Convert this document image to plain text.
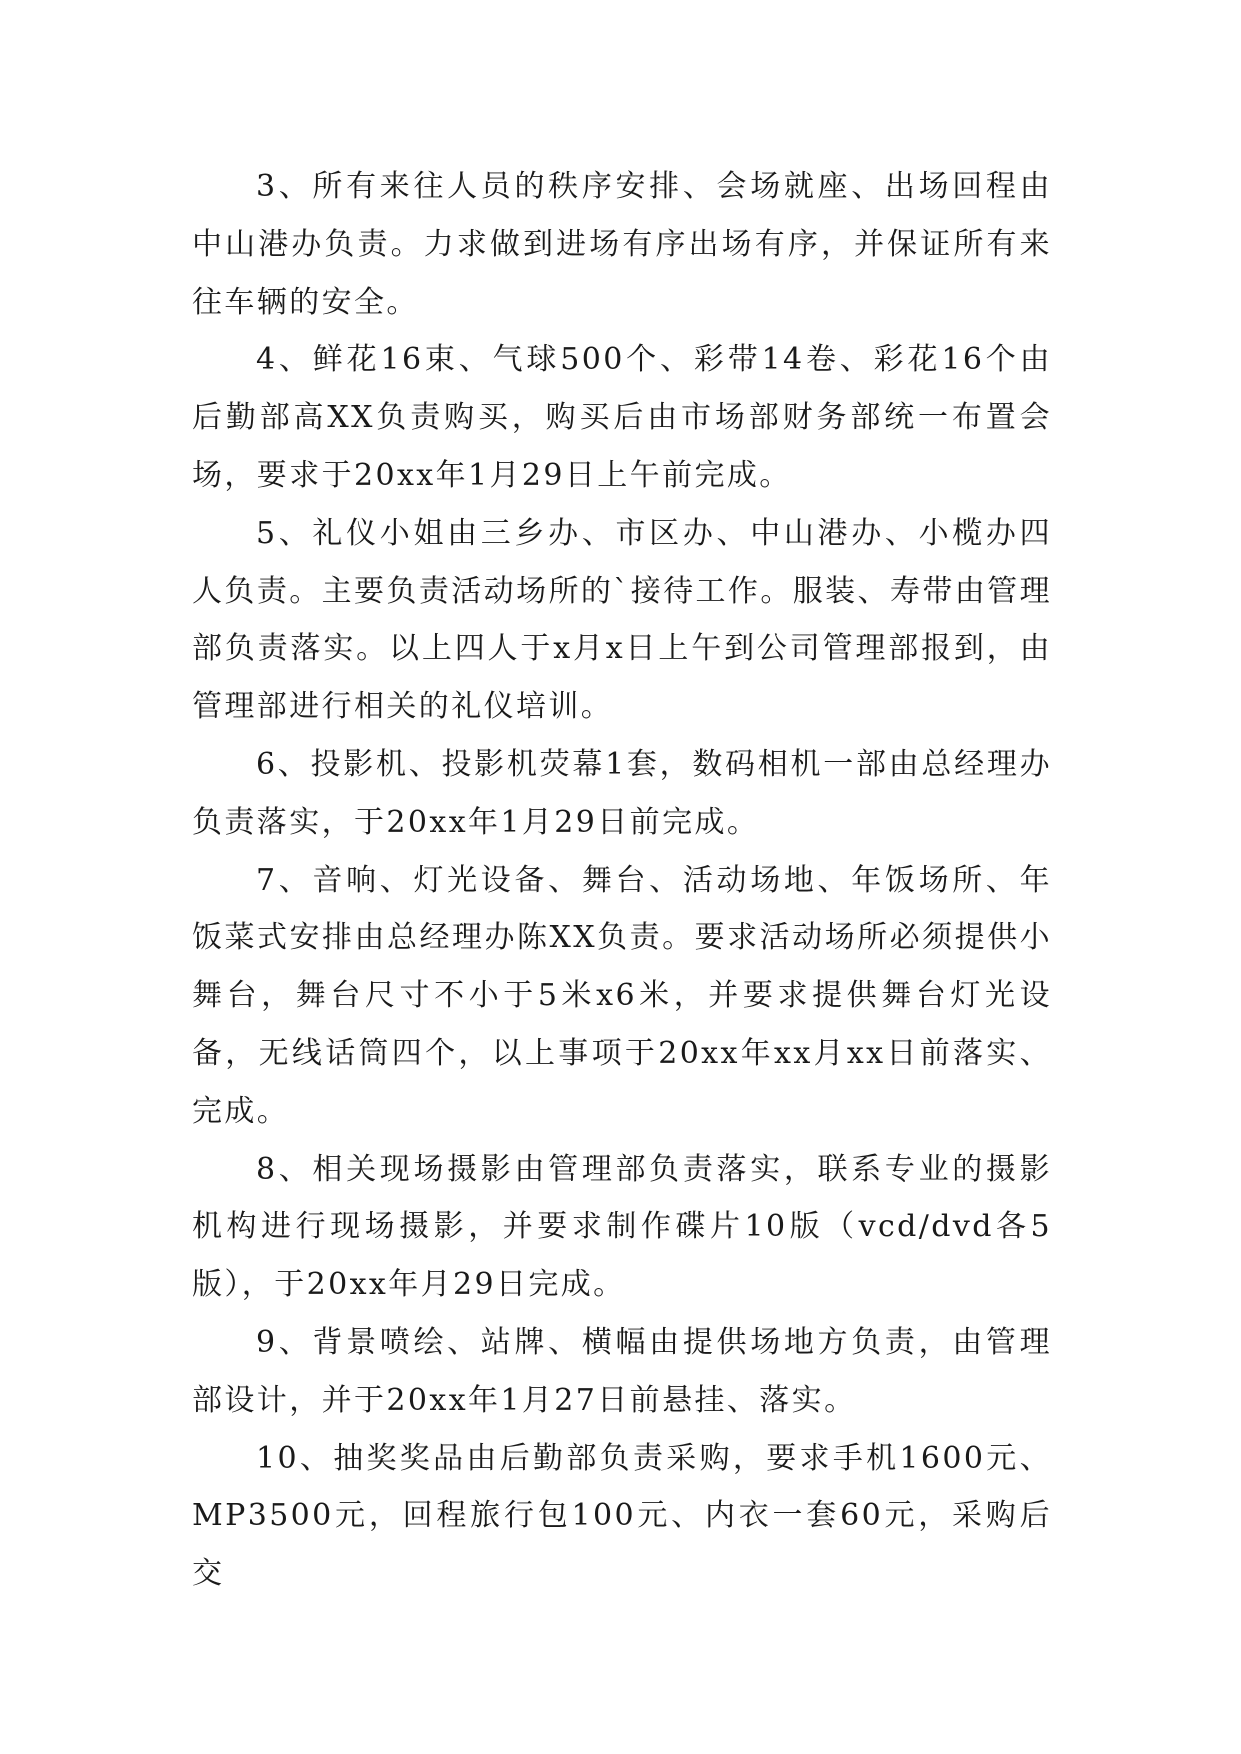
3、所有来往人员的秩序安排、会场就座、出场回程由中山港办负责。力求做到进场有序出场有序，并保证所有来往车辆的安全。

4、鲜花16束、气球500个、彩带14卷、彩花16个由后勤部高XX负责购买，购买后由市场部财务部统一布置会场，要求于20xx年1月29日上午前完成。

5、礼仪小姐由三乡办、市区办、中山港办、小榄办四人负责。主要负责活动场所的`接待工作。服装、寿带由管理部负责落实。以上四人于x月x日上午到公司管理部报到，由管理部进行相关的礼仪培训。

6、投影机、投影机荧幕1套，数码相机一部由总经理办负责落实，于20xx年1月29日前完成。

7、音响、灯光设备、舞台、活动场地、年饭场所、年饭菜式安排由总经理办陈XX负责。要求活动场所必须提供小舞台，舞台尺寸不小于5米x6米，并要求提供舞台灯光设备，无线话筒四个，以上事项于20xx年xx月xx日前落实、完成。

8、相关现场摄影由管理部负责落实，联系专业的摄影机构进行现场摄影，并要求制作碟片10版（vcd/dvd各5版），于20xx年月29日完成。

9、背景喷绘、站牌、横幅由提供场地方负责，由管理部设计，并于20xx年1月27日前悬挂、落实。

10、抽奖奖品由后勤部负责采购，要求手机1600元、MP3500元，回程旅行包100元、内衣一套60元，采购后交
